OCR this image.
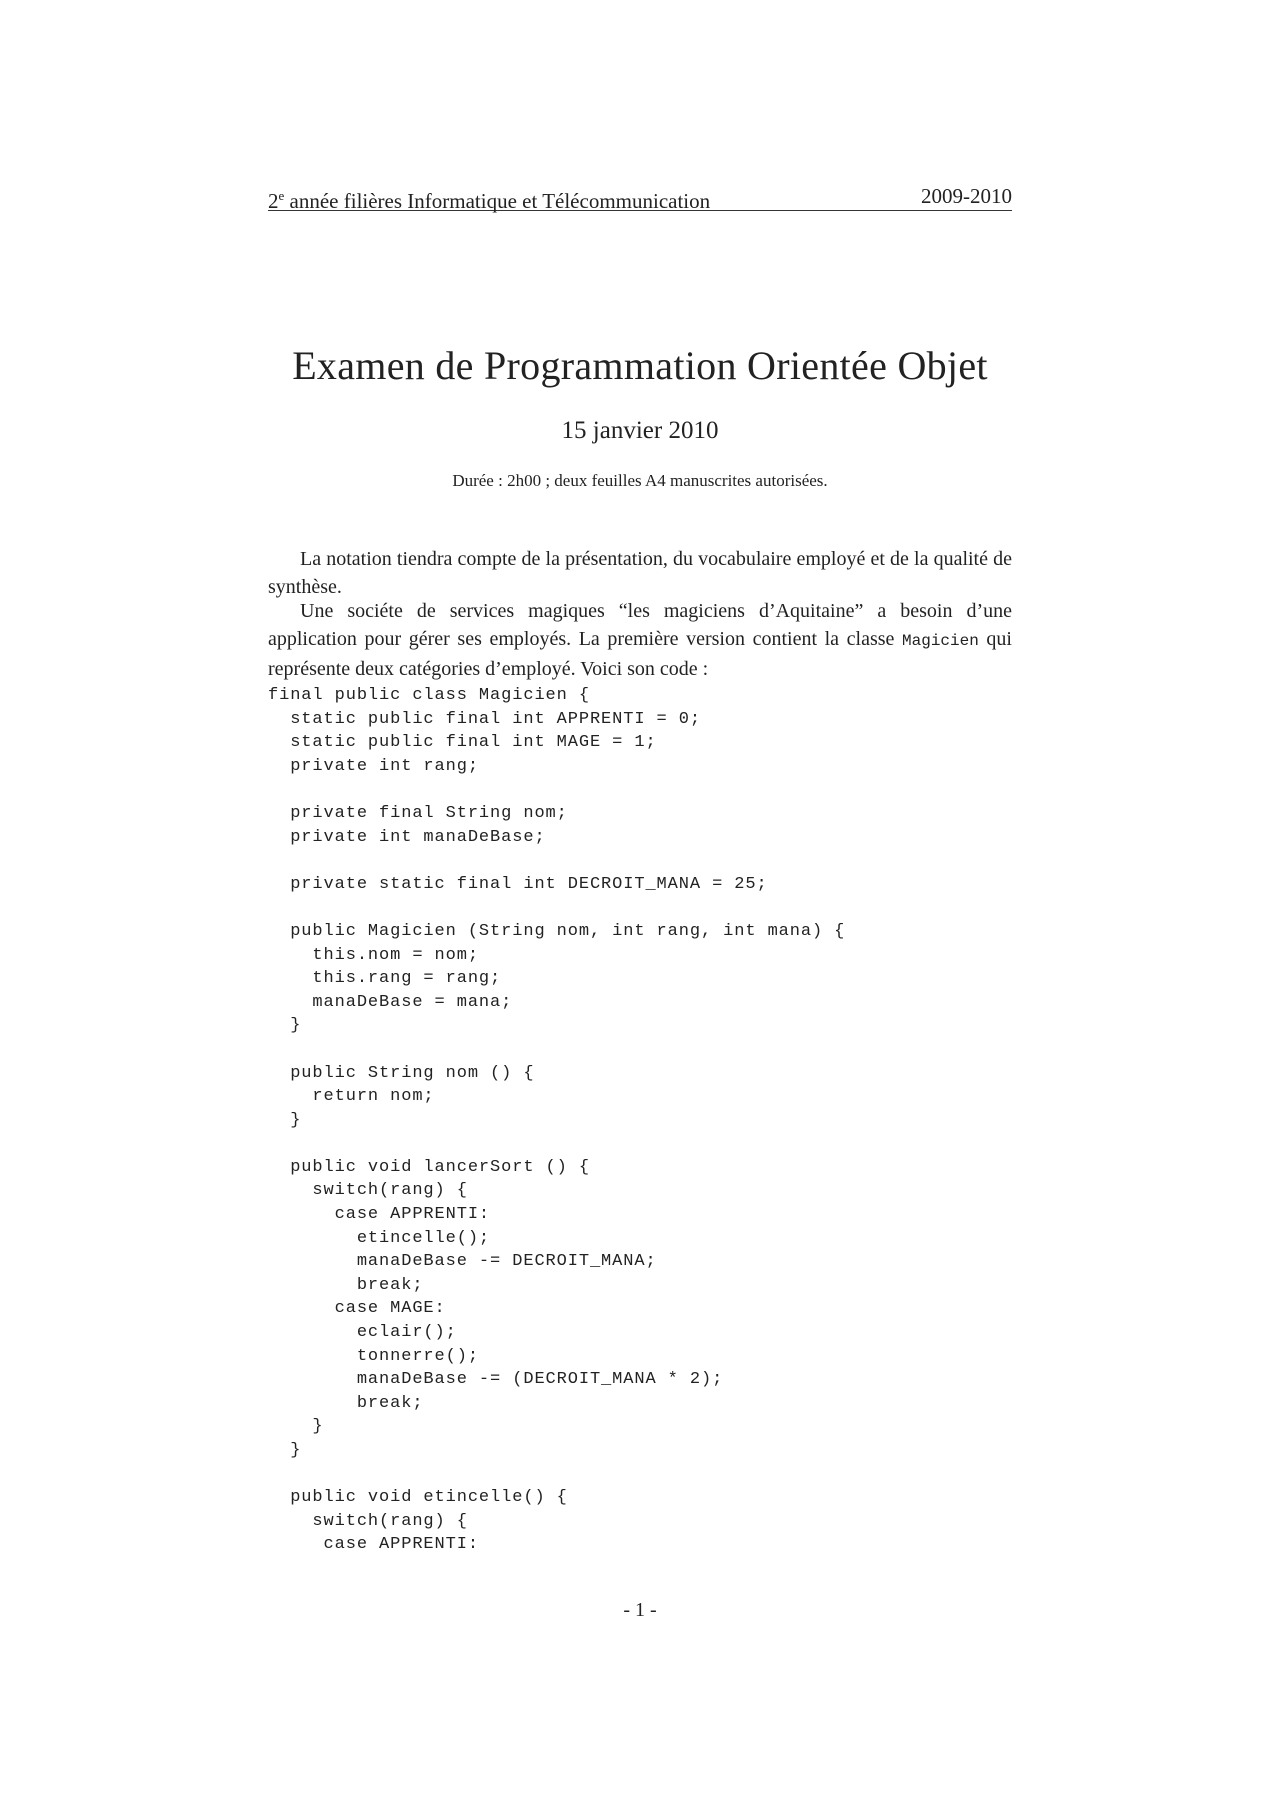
2e année filières Informatique et Télécommunication	2009-2010
Examen de Programmation Orientée Objet
15 janvier 2010
Durée : 2h00 ; deux feuilles A4 manuscrites autorisées.

La notation tiendra compte de la présentation, du vocabulaire employé et de la qualité de synthèse.

Une sociéte de services magiques “les magiciens d’Aquitaine” a besoin d’une application pour gérer ses employés. La première version contient la classe Magicien qui représente deux catégories d’employé. Voici son code :

final public class Magicien {
static public final int APPRENTI = 0;
static public final int MAGE = 1;
private int rang;
private final String nom;
private int manaDeBase;
private static final int DECROIT_MANA = 25;
public Magicien (String nom, int rang, int mana) {
this.nom = nom;
this.rang = rang;
manaDeBase = mana;
}
public String nom () {
return nom;
}
public void lancerSort () {
switch(rang) {
case APPRENTI:
etincelle();
manaDeBase -= DECROIT_MANA;
break;
case MAGE:
eclair();
tonnerre();
manaDeBase -= (DECROIT_MANA * 2);
break;
}
}
public void etincelle() {
switch(rang) {
case APPRENTI:
- 1 -
